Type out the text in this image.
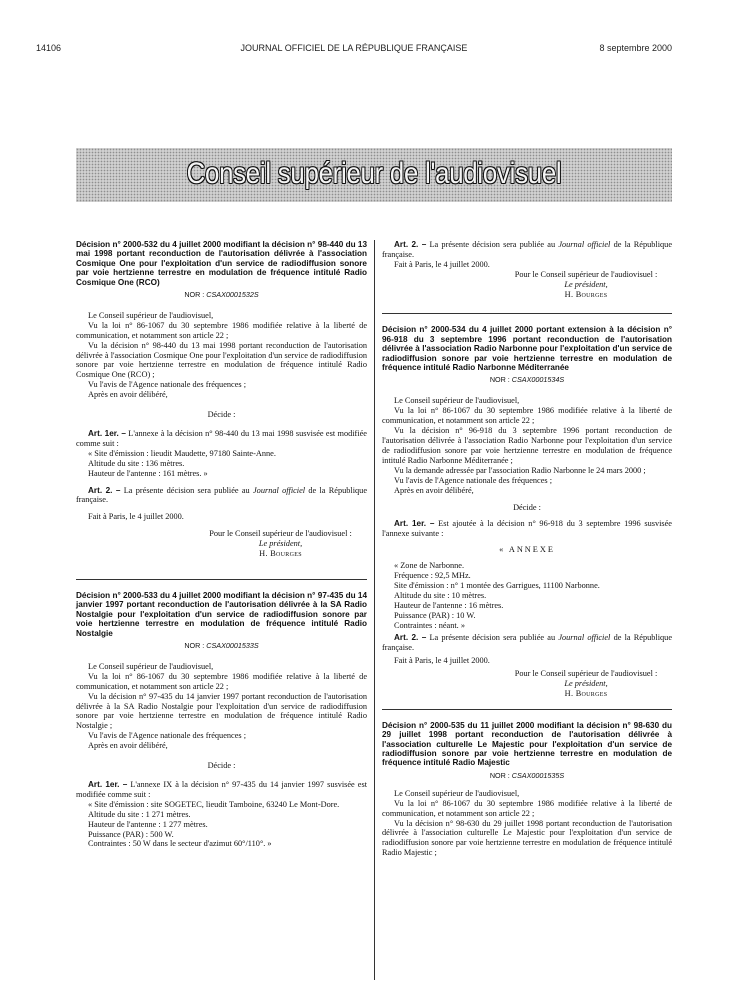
14106	JOURNAL OFFICIEL DE LA RÉPUBLIQUE FRANÇAISE	8 septembre 2000
Conseil supérieur de l'audiovisuel

Décision n° 2000-532 du 4 juillet 2000 modifiant la décision n° 98-440 du 13 mai 1998 portant reconduction de l'autorisation délivrée à l'association Cosmique One pour l'exploitation d'un service de radiodiffusion sonore par voie hertzienne terrestre en modulation de fréquence intitulé Radio Cosmique One (RCO)

NOR : CSAX0001532S

Le Conseil supérieur de l'audiovisuel,

Vu la loi n° 86-1067 du 30 septembre 1986 modifiée relative à la liberté de communication, et notamment son article 22 ;

Vu la décision n° 98-440 du 13 mai 1998 portant reconduction de l'autorisation délivrée à l'association Cosmique One pour l'exploitation d'un service de radiodiffusion sonore par voie hertzienne terrestre en modulation de fréquence intitulé Radio Cosmique One (RCO) ;

Vu l'avis de l'Agence nationale des fréquences ;

Après en avoir délibéré,

Décide :

Art. 1er. – L'annexe à la décision n° 98-440 du 13 mai 1998 susvisée est modifiée comme suit :

« Site d'émission : lieudit Maudette, 97180 Sainte-Anne.

Altitude du site : 136 mètres.

Hauteur de l'antenne : 161 mètres. »

Art. 2. – La présente décision sera publiée au Journal officiel de la République française.

Fait à Paris, le 4 juillet 2000.

Pour le Conseil supérieur de l'audiovisuel :
Le président,
H. Bourges

Décision n° 2000-533 du 4 juillet 2000 modifiant la décision n° 97-435 du 14 janvier 1997 portant reconduction de l'autorisation délivrée à la SA Radio Nostalgie pour l'exploitation d'un service de radiodiffusion sonore par voie hertzienne terrestre en modulation de fréquence intitulé Radio Nostalgie

NOR : CSAX0001533S

Le Conseil supérieur de l'audiovisuel,

Vu la loi n° 86-1067 du 30 septembre 1986 modifiée relative à la liberté de communication, et notamment son article 22 ;

Vu la décision n° 97-435 du 14 janvier 1997 portant reconduction de l'autorisation délivrée à la SA Radio Nostalgie pour l'exploitation d'un service de radiodiffusion sonore par voie hertzienne terrestre en modulation de fréquence intitulé Radio Nostalgie ;

Vu l'avis de l'Agence nationale des fréquences ;

Après en avoir délibéré,

Décide :

Art. 1er. – L'annexe IX à la décision n° 97-435 du 14 janvier 1997 susvisée est modifiée comme suit :

« Site d'émission : site SOGETEC, lieudit Tamboine, 63240 Le Mont-Dore.

Altitude du site : 1 271 mètres.

Hauteur de l'antenne : 1 277 mètres.

Puissance (PAR) : 500 W.

Contraintes : 50 W dans le secteur d'azimut 60°/110°. »

Art. 2. – La présente décision sera publiée au Journal officiel de la République française.

Fait à Paris, le 4 juillet 2000.

Pour le Conseil supérieur de l'audiovisuel :
Le président,
H. Bourges

Décision n° 2000-534 du 4 juillet 2000 portant extension à la décision n° 96-918 du 3 septembre 1996 portant reconduction de l'autorisation délivrée à l'association Radio Narbonne pour l'exploitation d'un service de radiodiffusion sonore par voie hertzienne terrestre en modulation de fréquence intitulé Radio Narbonne Méditerranée

NOR : CSAX0001534S

Le Conseil supérieur de l'audiovisuel,

Vu la loi n° 86-1067 du 30 septembre 1986 modifiée relative à la liberté de communication, et notamment son article 22 ;

Vu la décision n° 96-918 du 3 septembre 1996 portant reconduction de l'autorisation délivrée à l'association Radio Narbonne pour l'exploitation d'un service de radiodiffusion sonore par voie hertzienne terrestre en modulation de fréquence intitulé Radio Narbonne Méditerranée ;

Vu la demande adressée par l'association Radio Narbonne le 24 mars 2000 ;

Vu l'avis de l'Agence nationale des fréquences ;

Après en avoir délibéré,

Décide :

Art. 1er. – Est ajoutée à la décision n° 96-918 du 3 septembre 1996 susvisée l'annexe suivante :

« ANNEXE

« Zone de Narbonne.

Fréquence : 92,5 MHz.

Site d'émission : n° 1 montée des Garrigues, 11100 Narbonne.

Altitude du site : 10 mètres.

Hauteur de l'antenne : 16 mètres.

Puissance (PAR) : 10 W.

Contraintes : néant. »

Art. 2. – La présente décision sera publiée au Journal officiel de la République française.

Fait à Paris, le 4 juillet 2000.

Pour le Conseil supérieur de l'audiovisuel :
Le président,
H. Bourges

Décision n° 2000-535 du 11 juillet 2000 modifiant la décision n° 98-630 du 29 juillet 1998 portant reconduction de l'autorisation délivrée à l'association culturelle Le Majestic pour l'exploitation d'un service de radiodiffusion sonore par voie hertzienne terrestre en modulation de fréquence intitulé Radio Majestic

NOR : CSAX0001535S

Le Conseil supérieur de l'audiovisuel,

Vu la loi n° 86-1067 du 30 septembre 1986 modifiée relative à la liberté de communication, et notamment son article 22 ;

Vu la décision n° 98-630 du 29 juillet 1998 portant reconduction de l'autorisation délivrée à l'association culturelle Le Majestic pour l'exploitation d'un service de radiodiffusion sonore par voie hertzienne terrestre en modulation de fréquence intitulé Radio Majestic ;
